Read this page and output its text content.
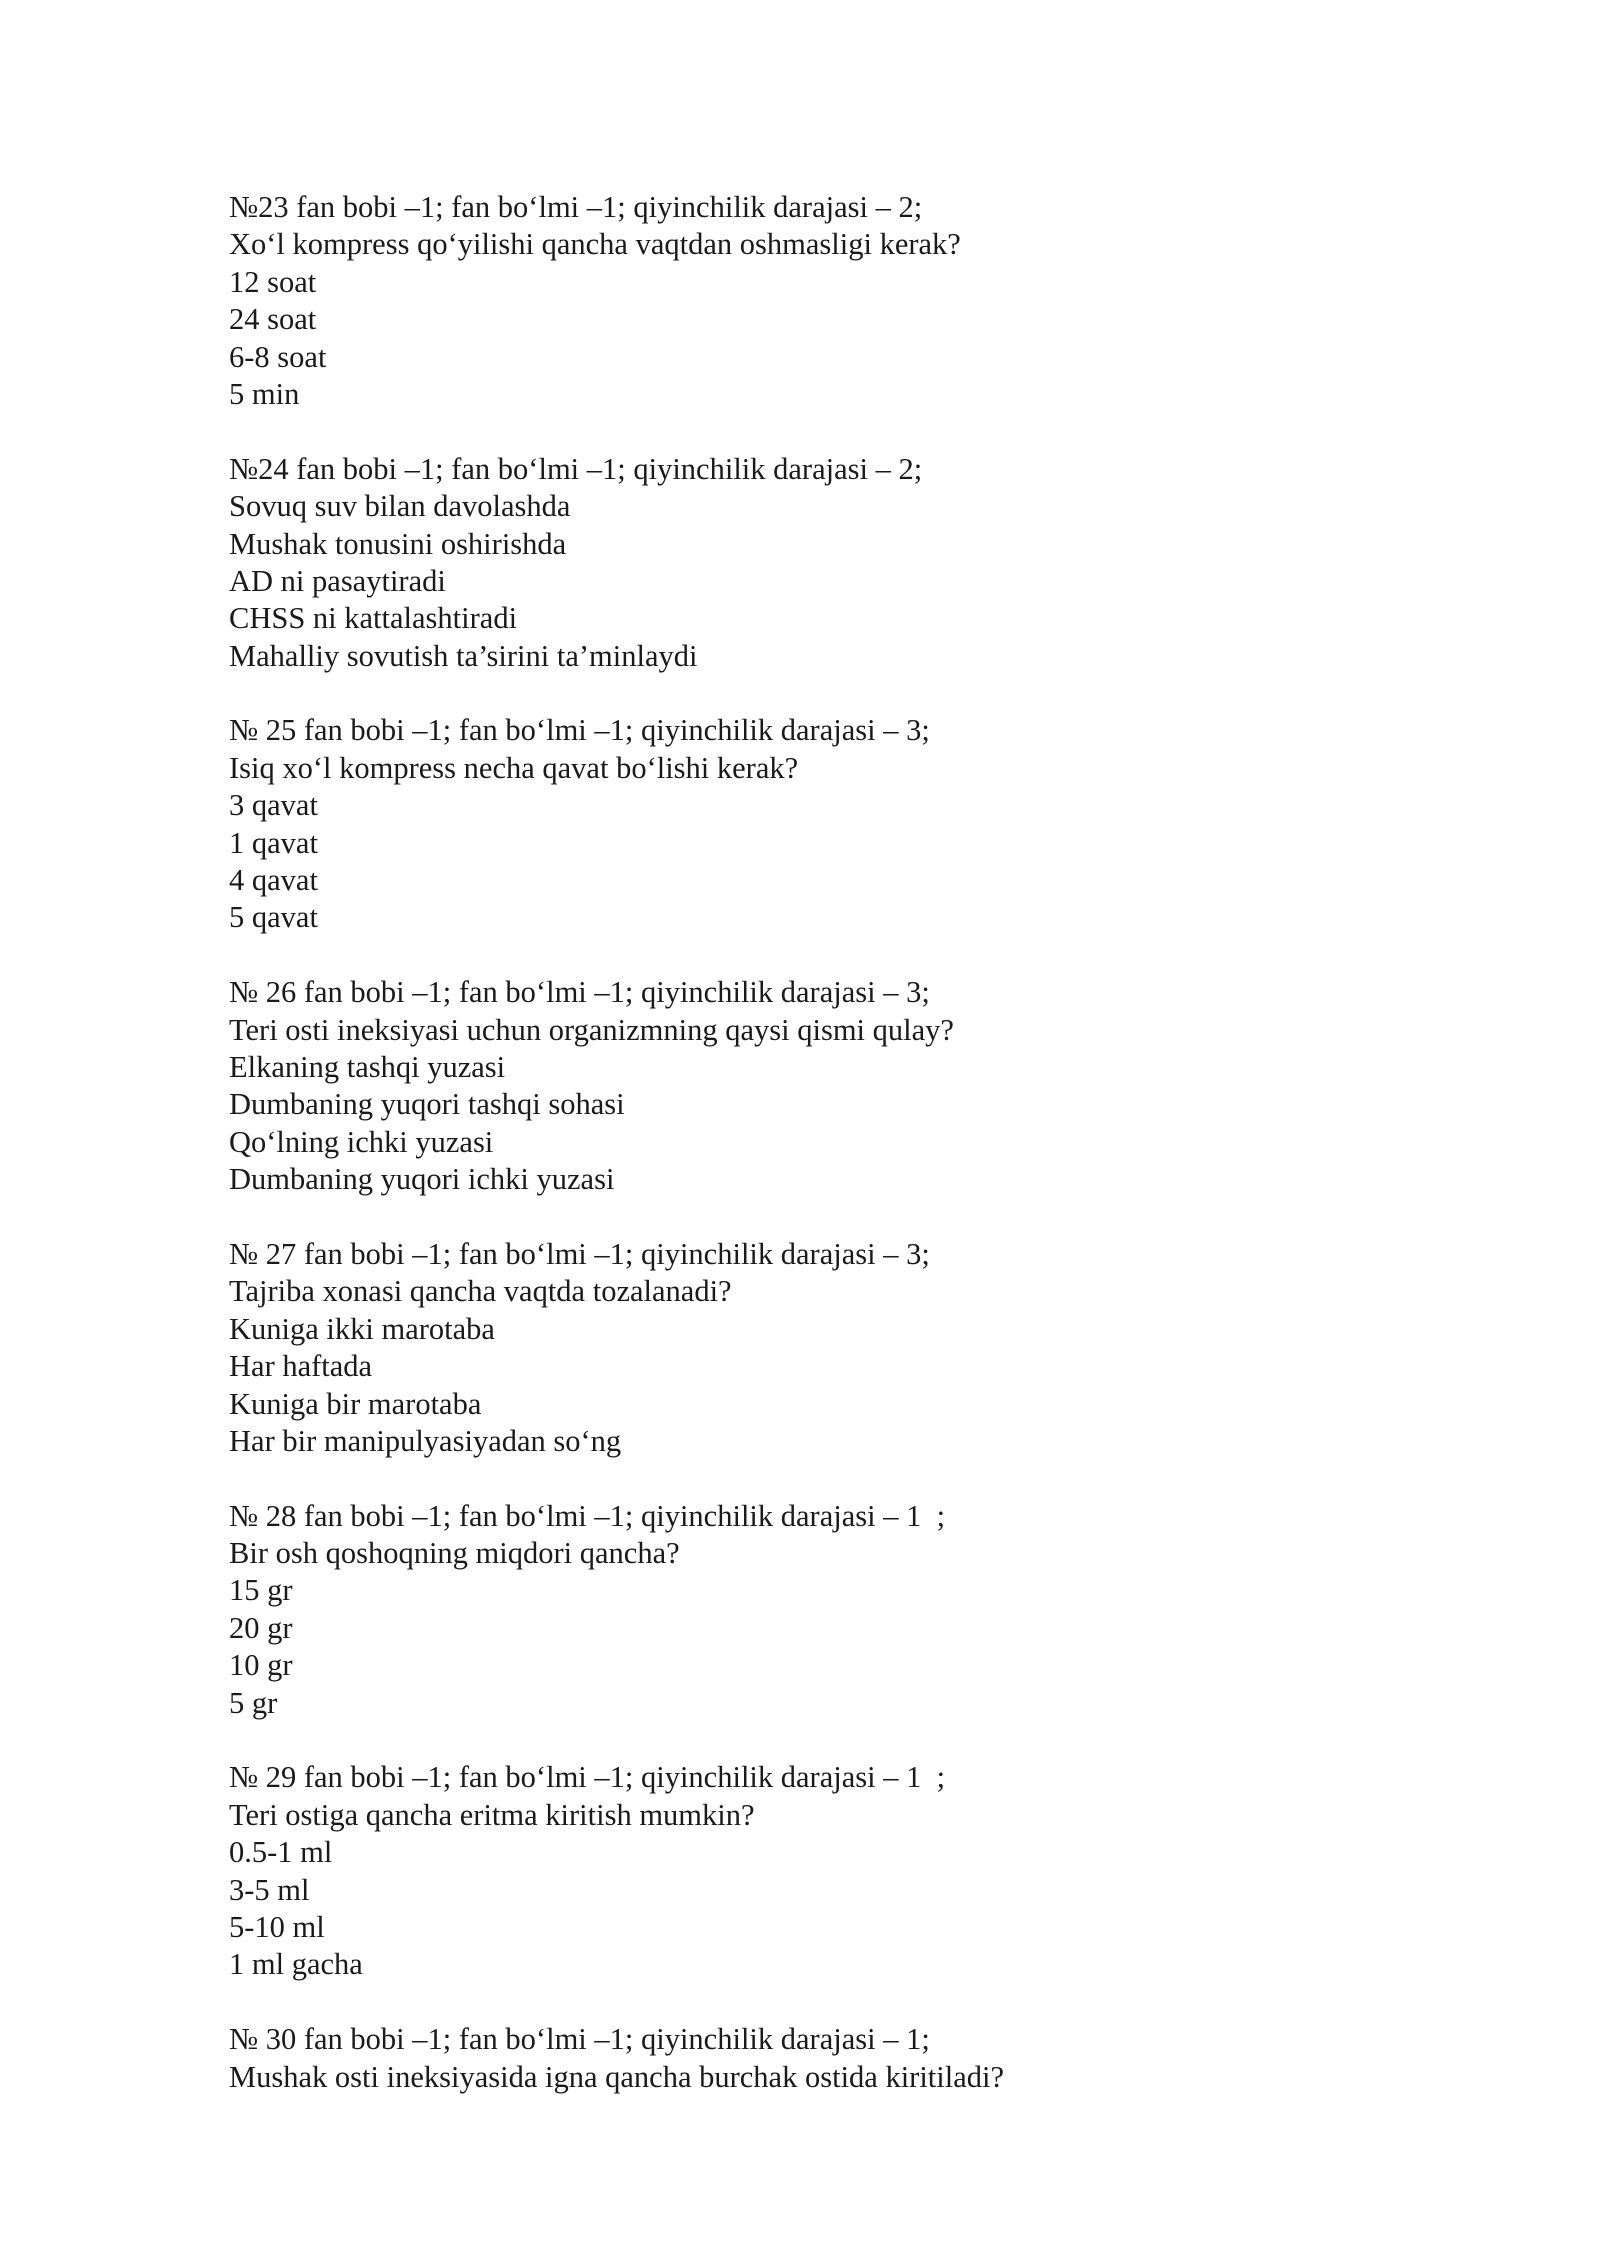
№23 fan bobi –1; fan bo‘lmi –1; qiyinchilik darajasi – 2;
Xo‘l kompress qo‘yilishi qancha vaqtdan oshmasligi kerak?
12 soat
24 soat
6-8 soat
5 min
№24 fan bobi –1; fan bo‘lmi –1; qiyinchilik darajasi – 2;
Sovuq suv bilan davolashda
Mushak tonusini oshirishda
AD ni pasaytiradi
CHSS ni kattalashtiradi
Mahalliy sovutish ta’sirini ta’minlaydi
№ 25 fan bobi –1; fan bo‘lmi –1; qiyinchilik darajasi – 3;
Isiq xo‘l kompress necha qavat bo‘lishi kerak?
3 qavat
1 qavat
4 qavat
5 qavat
№ 26 fan bobi –1; fan bo‘lmi –1; qiyinchilik darajasi – 3;
Teri osti ineksiyasi uchun organizmning qaysi qismi qulay?
Elkaning tashqi yuzasi
Dumbaning yuqori tashqi sohasi
Qo‘lning ichki yuzasi
Dumbaning yuqori ichki yuzasi
№ 27 fan bobi –1; fan bo‘lmi –1; qiyinchilik darajasi – 3;
Tajriba xonasi qancha vaqtda tozalanadi?
Kuniga ikki marotaba
Har haftada
Kuniga bir marotaba
Har bir manipulyasiyadan so‘ng
№ 28 fan bobi –1; fan bo‘lmi –1; qiyinchilik darajasi – 1  ;
Bir osh qoshoqning miqdori qancha?
15 gr
20 gr
10 gr
5 gr
№ 29 fan bobi –1; fan bo‘lmi –1; qiyinchilik darajasi – 1  ;
Teri ostiga qancha eritma kiritish mumkin?
0.5-1 ml
3-5 ml
5-10 ml
1 ml gacha
№ 30 fan bobi –1; fan bo‘lmi –1; qiyinchilik darajasi – 1;
Mushak osti ineksiyasida igna qancha burchak ostida kiritiladi?
